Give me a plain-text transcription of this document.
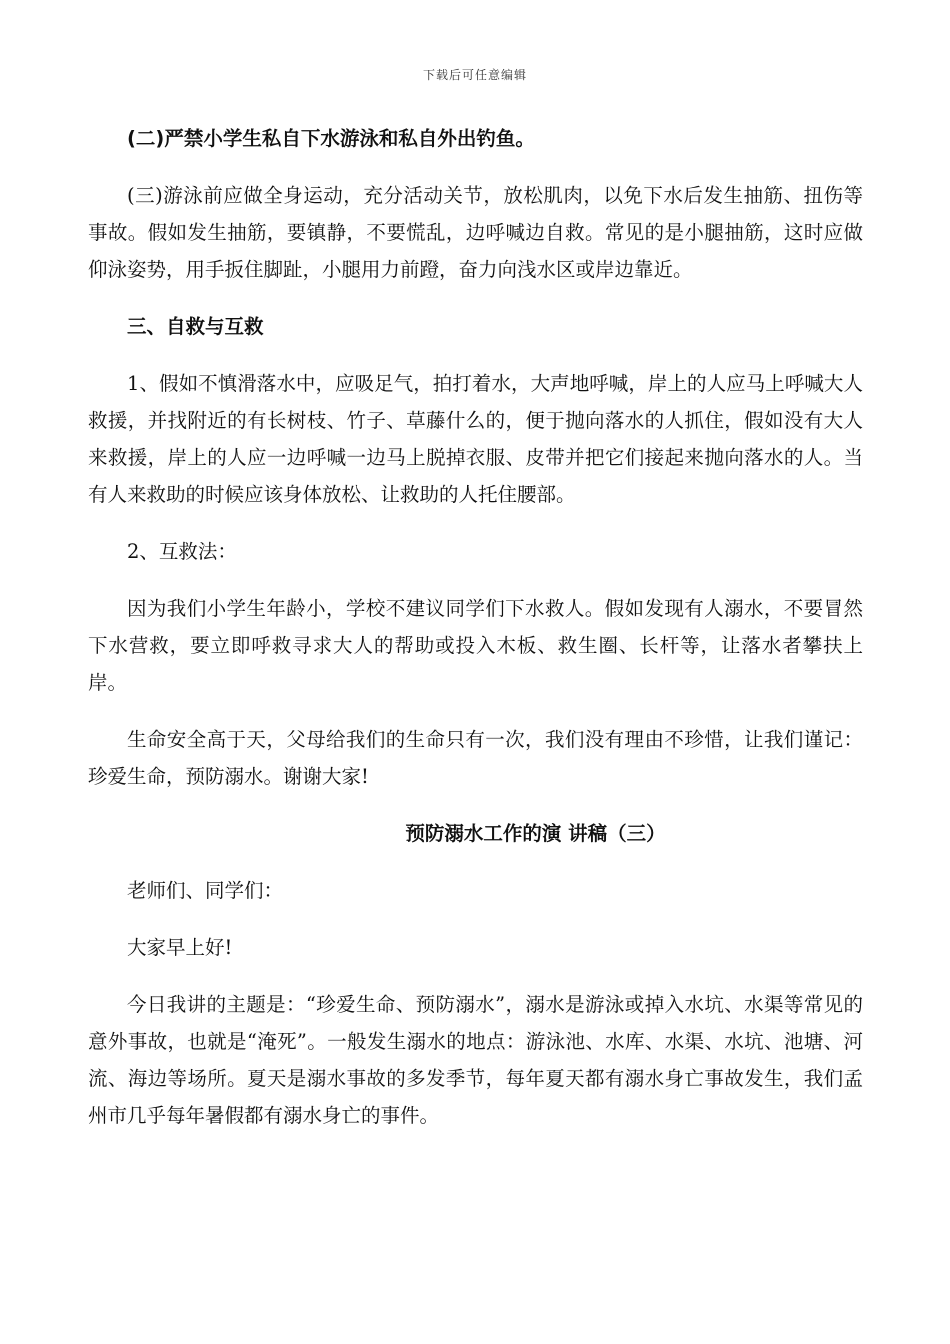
下载后可任意编辑

(二)严禁小学生私自下水游泳和私自外出钓鱼。

(三)游泳前应做全身运动，充分活动关节，放松肌肉，以免下水后发生抽筋、扭伤等事故。假如发生抽筋，要镇静，不要慌乱，边呼喊边自救。常见的是小腿抽筋，这时应做仰泳姿势，用手扳住脚趾，小腿用力前蹬，奋力向浅水区或岸边靠近。

三、自救与互救

1、假如不慎滑落水中，应吸足气，拍打着水，大声地呼喊，岸上的人应马上呼喊大人救援，并找附近的有长树枝、竹子、草藤什么的，便于抛向落水的人抓住，假如没有大人来救援，岸上的人应一边呼喊一边马上脱掉衣服、皮带并把它们接起来抛向落水的人。当有人来救助的时候应该身体放松、让救助的人托住腰部。

2、互救法：

因为我们小学生年龄小，学校不建议同学们下水救人。假如发现有人溺水，不要冒然下水营救，要立即呼救寻求大人的帮助或投入木板、救生圈、长杆等，让落水者攀扶上岸。

生命安全高于天，父母给我们的生命只有一次，我们没有理由不珍惜，让我们谨记：珍爱生命，预防溺水。谢谢大家!

预防溺水工作的演 讲稿（三）

老师们、同学们：

大家早上好!

今日我讲的主题是：“珍爱生命、预防溺水”，溺水是游泳或掉入水坑、水渠等常见的意外事故，也就是“淹死”。一般发生溺水的地点：游泳池、水库、水渠、水坑、池塘、河流、海边等场所。夏天是溺水事故的多发季节，每年夏天都有溺水身亡事故发生，我们孟州市几乎每年暑假都有溺水身亡的事件。
